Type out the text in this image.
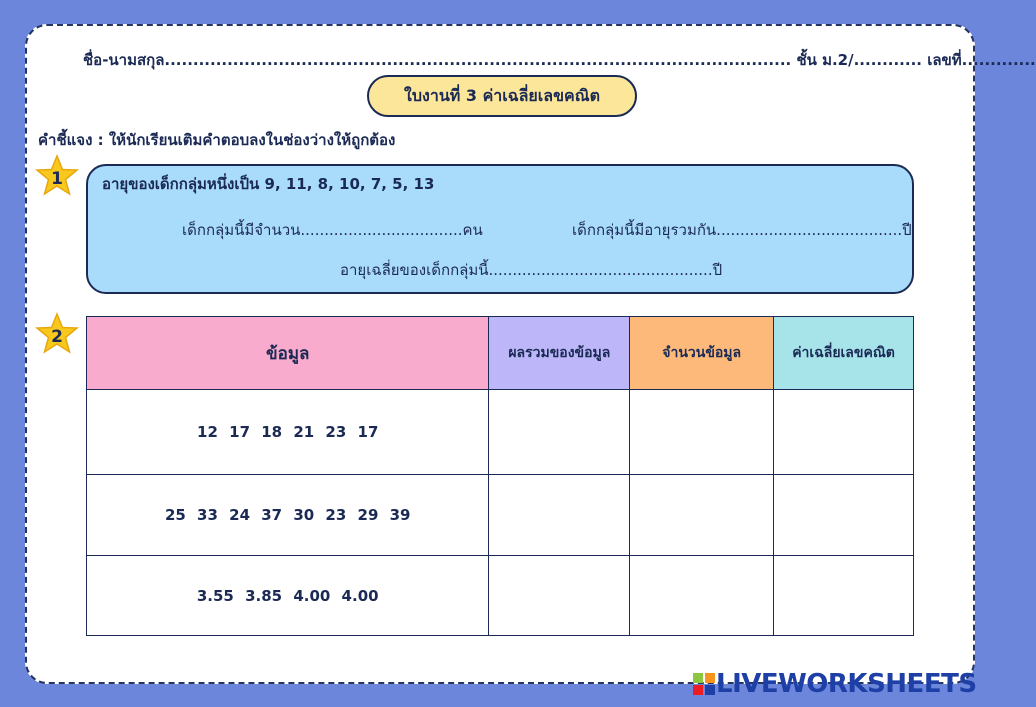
ชื่อ-นามสกุล.............................................................................................................. ชั้น ม.2/............ เลขที่.............
ใบงานที่ 3 ค่าเฉลี่ยเลขคณิต
คำชี้แจง : ให้นักเรียนเติมคำตอบลงในช่องว่างให้ถูกต้อง
1	อายุของเด็กกลุ่มหนึ่งเป็น 9, 11, 8, 10, 7, 5, 13
เด็กกลุ่มนี้มีจำนวน..................................คน	เด็กกลุ่มนี้มีอายุรวมกัน.......................................ปี
อายุเฉลี่ยของเด็กกลุ่มนี้...............................................ปี
2
ข้อมูล	ผลรวมของข้อมูล	จำนวนข้อมูล	ค่าเฉลี่ยเลขคณิต
12 17 18 21 23 17			
25 33 24 37 30 23 29 39			
3.55 3.85 4.00 4.00			
LIVEWORKSHEETS
